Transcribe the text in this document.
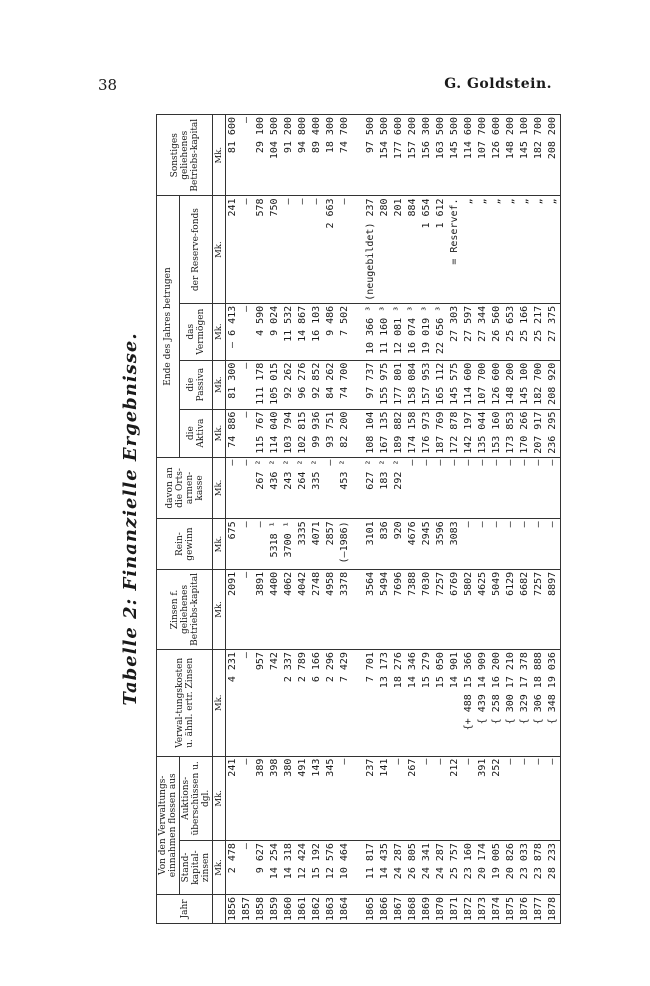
38	G. Goldstein.
Tabelle 2: Finanzielle Ergebnisse.
Jahr	Von den Verwaltungs-einnahmen flossen aus		Verwal-tungskosten u. ähnl. ertr. Zinsen	Zinsen f. geliehenes Betriebs-kapital	Rein-gewinn	davon an die Orts-armen-kasse	Ende des Jahres betrugen				Sonstiges geliehenes Betriebs-kapital
	Stand-kapital-zinsen	Auktions-überschüssen u. dgl.					die Aktiva	die Passiva	das Vermögen	der Reserve-fonds	
	Mk.	Mk.	Mk.	Mk.	Mk.	Mk.	Mk.	Mk.	Mk.	Mk.	Mk.
1856	2 478	241	4 231	2091	675	—	74 886	81 300	— 6 413	241	81 600
1857	—	—	—	—	—	—	—	—	—	—	—
1858	9 627	389	957	3891	—	267 ²	115 767	111 178	4 590	578	29 100
1859	14 254	398	742	4400	5318 ¹	436 ²	114 040	105 015	9 024	750	104 500
1860	14 318	380	2 337	4062	3700 ¹	243 ²	103 794	92 262	11 532	—	91 200
1861	12 424	491	2 789	4042	3335	264 ²	102 815	96 276	14 867	—	94 800
1862	15 192	143	6 166	2748	4071	335 ²	99 936	92 852	16 103	—	89 400
1863	12 576	345	2 296	4958	2857	—	93 751	84 262	9 486	2 663	18 300
1864	10 464	—	7 429	3378	(—1986)	453 ²	82 200	74 700	7 502	—	74 700

1865	11 817	237	7 701	3564	3101	627 ²	108 104	97 737	10 366 ³	(neugebildet) 237	97 500
1866	14 435	141	13 173	5494	836	183 ²	167 135	155 975	11 160 ³	280	154 500
1867	24 287	—	18 276	7696	920	292 ²	189 882	177 801	12 081 ³	201	177 600
1868	26 805	267	14 346	7388	4676	—	174 158	158 084	16 074 ³	884	157 200
1869	24 341	—	15 279	7030	2945	—	176 973	157 953	19 019 ³	1 654	156 300
1870	24 287	—	15 050	7257	3596	—	187 769	165 112	22 656 ³	1 612	163 500
1871	25 757	212	14 901	6769	3083	—	172 878	145 575	27 303	= Reservef.	145 500
1872	23 160	—	{+ 488 15 366	5802	—	—	142 197	114 600	27 597	„	114 600
1873	20 174	391	{ 439 14 909	4625	—	—	135 044	107 700	27 344	„	107 700
1874	19 005	252	{ 258 16 200	5049	—	—	153 160	126 600	26 560	„	126 600
1875	20 826	—	{ 300 17 210	6129	—	—	173 853	148 200	25 653	„	148 200
1876	23 033	—	{ 329 17 378	6682	—	—	170 266	145 100	25 166	„	145 100
1877	23 878	—	{ 306 18 888	7257	—	—	207 917	182 700	25 217	„	182 700
1878	28 233	—	{ 348 19 036	8897	—	—	236 295	208 920	27 375	„	208 200
